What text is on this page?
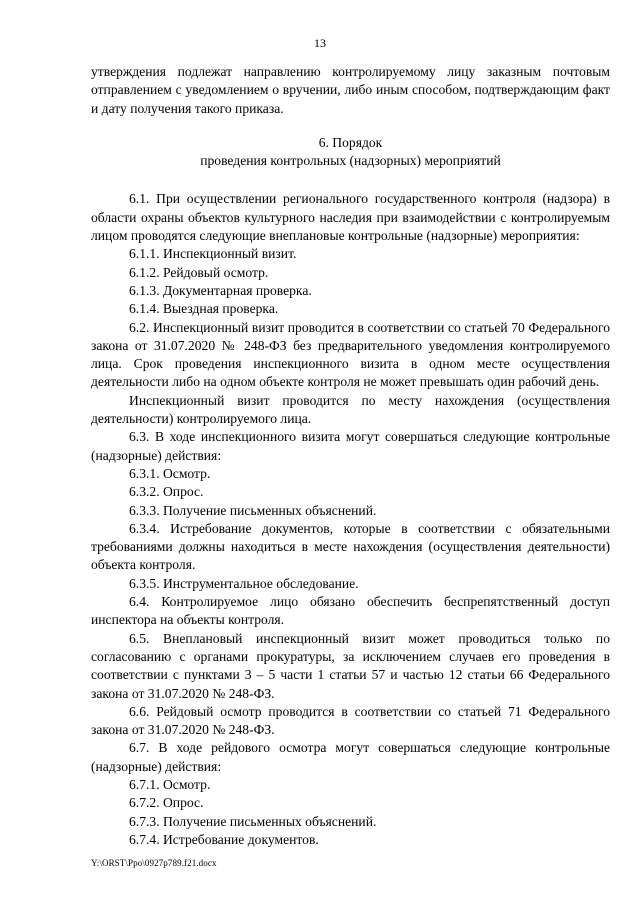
13

утверждения подлежат направлению контролируемому лицу заказным почтовым отправлением с уведомлением о вручении, либо иным способом, подтверждающим факт и дату получения такого приказа.

6. Порядок

проведения контрольных (надзорных) мероприятий

6.1. При осуществлении регионального государственного контроля (надзора) в области охраны объектов культурного наследия при взаимодействии с контролируемым лицом проводятся следующие внеплановые контрольные (надзорные) мероприятия:

6.1.1. Инспекционный визит.

6.1.2. Рейдовый осмотр.

6.1.3. Документарная проверка.

6.1.4. Выездная проверка.

6.2. Инспекционный визит проводится в соответствии со статьей 70 Федерального закона от 31.07.2020 № 248-ФЗ без предварительного уведомления контролируемого лица. Срок проведения инспекционного визита в одном месте осуществления деятельности либо на одном объекте контроля не может превышать один рабочий день.

Инспекционный визит проводится по месту нахождения (осуществления деятельности) контролируемого лица.

6.3. В ходе инспекционного визита могут совершаться следующие контрольные (надзорные) действия:

6.3.1. Осмотр.

6.3.2. Опрос.

6.3.3. Получение письменных объяснений.

6.3.4. Истребование документов, которые в соответствии с обязательными требованиями должны находиться в месте нахождения (осуществления деятельности) объекта контроля.

6.3.5. Инструментальное обследование.

6.4. Контролируемое лицо обязано обеспечить беспрепятственный доступ инспектора на объекты контроля.

6.5. Внеплановый инспекционный визит может проводиться только по согласованию с органами прокуратуры, за исключением случаев его проведения в соответствии с пунктами 3 – 5 части 1 статьи 57 и частью 12 статьи 66 Федерального закона от 31.07.2020 № 248-ФЗ.

6.6. Рейдовый осмотр проводится в соответствии со статьей 71 Федерального закона от 31.07.2020 № 248-ФЗ.

6.7. В ходе рейдового осмотра могут совершаться следующие контрольные (надзорные) действия:

6.7.1. Осмотр.

6.7.2. Опрос.

6.7.3. Получение письменных объяснений.

6.7.4. Истребование документов.

Y:\ORST\Ppo\0927p789.f21.docx
